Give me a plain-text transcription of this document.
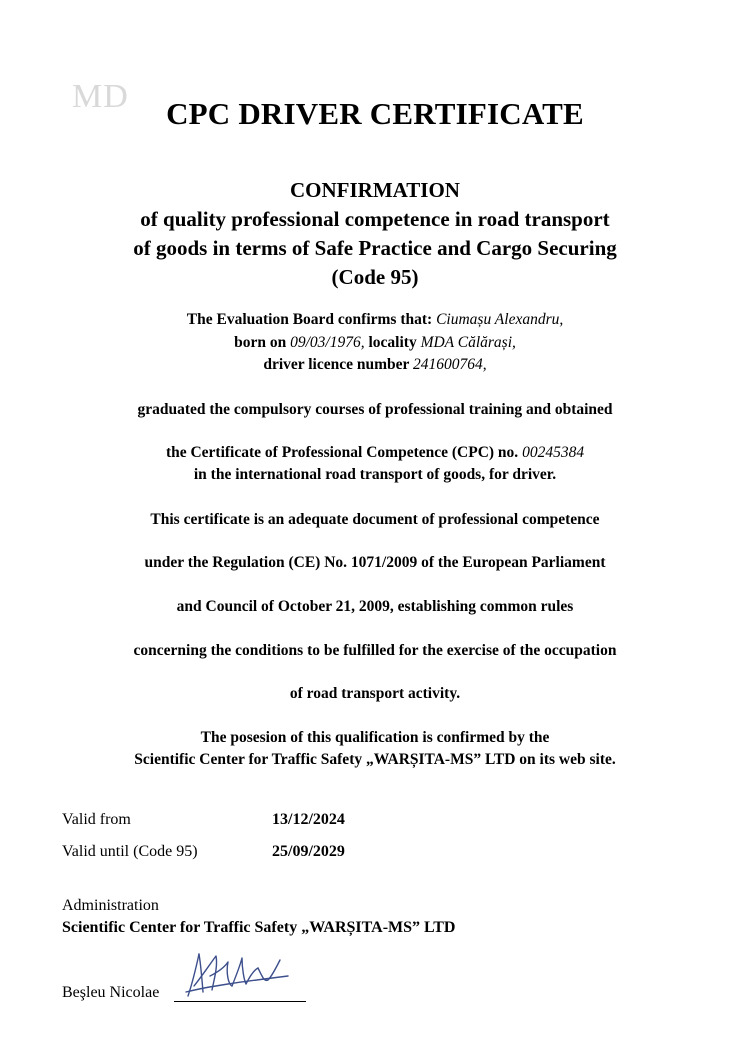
MD	CPC DRIVER CERTIFICATE
CONFIRMATION
of quality professional competence in road transport
of goods in terms of Safe Practice and Cargo Securing
(Code 95)
The Evaluation Board confirms that: Ciumașu Alexandru,
born on 09/03/1976, locality MDA Călărași,
driver licence number 241600764,
graduated the compulsory courses of professional training and obtained
the Certificate of Professional Competence (CPC) no. 00245384
in the international road transport of goods, for driver.
This certificate is an adequate document of professional competence
under the Regulation (CE) No. 1071/2009 of the European Parliament
and Council of October 21, 2009, establishing common rules
concerning the conditions to be fulfilled for the exercise of the occupation
of road transport activity.
The posesion of this qualification is confirmed by the
Scientific Center for Traffic Safety „WARȘITA-MS” LTD on its web site.
Valid from	13/12/2024
Valid until (Code 95)	25/09/2029
Administration
Scientific Center for Traffic Safety „WARȘITA-MS” LTD
Beşleu Nicolae
